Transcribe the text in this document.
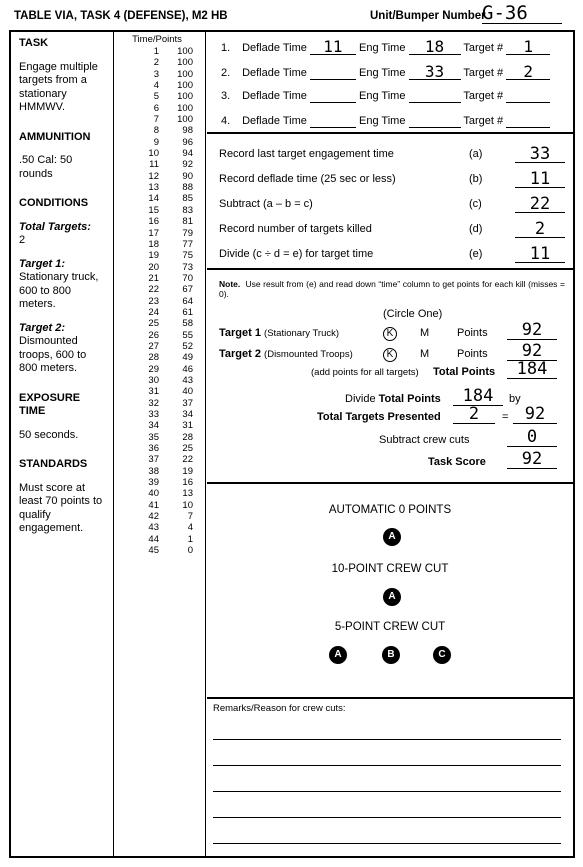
TABLE VIA, TASK 4 (DEFENSE), M2 HB	Unit/Bumper Number
G-36
TASK

Engage multiple targets from a stationary HMMWV.

AMMUNITION

.50 Cal: 50 rounds

CONDITIONS

Total Targets:

2

Target 1:

Stationary truck, 600 to 800 meters.

Target 2:

Dismounted troops, 600 to 800 meters.
EXPOSURE TIME

50 seconds.

STANDARDS

Must score at least 70 points to qualify engagement.

Time/Points
1	100
2	100
3	100
4	100
5	100
6	100
7	100
8	98
9	96
10	94
11	92
12	90
13	88
14	85
15	83
16	81
17	79
18	77
19	75
20	73
21	70
22	67
23	64
24	61
25	58
26	55
27	52
28	49
29	46
30	43
31	40
32	37
33	34
34	31
35	28
36	25
37	22
38	19
39	16
40	13
41	10
42	7
43	4
44	1
45	0
1. Deflade Time 11 Eng Time 18 Target # 1
2. Deflade Time	Eng Time 33 Target # 2
3. Deflade Time	Eng Time	Target #
4. Deflade Time	Eng Time	Target #
Record last target engagement time	(a)	33
Record deflade time (25 sec or less)	(b)	11
Subtract (a – b = c)	(c)	22
Record number of targets killed	(d)	2
Divide (c ÷ d = e) for target time	(e)	11
Note. Use result from (e) and read down “time” column to get points for each kill (misses = 0).
(Circle One)
Target 1 (Stationary Truck)	K	M	Points	92
Target 2 (Dismounted Troops)	K	M	Points	92
(add points for all targets) Total Points	184
Divide Total Points	184	by
Total Targets Presented	2	= 92
Subtract crew cuts	0
Task Score	92
AUTOMATIC 0 POINTS
A
10-POINT CREW CUT
A
5-POINT CREW CUT
A	B	C
Remarks/Reason for crew cuts:
